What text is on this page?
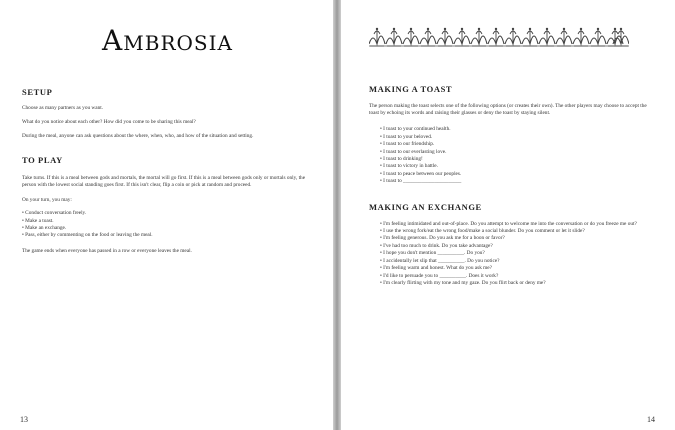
Ambrosia
SETUP

Choose as many partners as you want.

What do you notice about each other? How did you come to be sharing this meal?

During the meal, anyone can ask questions about the where, when, who, and how of the situation and setting.

TO PLAY

Take turns. If this is a meal between gods and mortals, the mortal will go first. If this is a meal between gods only or mortals only, the person with the lowest social standing goes first. If this isn't clear, flip a coin or pick at random and proceed.

On your turn, you may:

• Conduct conversation freely.
• Make a toast.
• Make an exchange.
• Pass, either by commenting on the food or leaving the meal.

The game ends when everyone has passed in a row or everyone leaves the meal.

13
MAKING A TOAST

The person making the toast selects one of the following options (or creates their own). The other players may choose to accept the toast by echoing its words and raising their glasses or deny the toast by staying silent.

• I toast to your continued health.
• I toast to your beloved.
• I toast to our friendship.
• I toast to our everlasting love.
• I toast to drinking!
• I toast to victory in battle.
• I toast to peace between our peoples.
• I toast to ______________________
MAKING AN EXCHANGE
• I'm feeling intimidated and out-of-place. Do you attempt to welcome me into the conversation or do you freeze me out?
• I use the wrong fork/eat the wrong food/make a social blunder. Do you comment or let it slide?
• I'm feeling generous. Do you ask me for a boon or favor?
• I've had too much to drink. Do you take advantage?
• I hope you don't mention __________. Do you?
• I accidentally let slip that __________. Do you notice?
• I'm feeling warm and honest. What do you ask me?
• I'd like to persuade you to __________. Does it work?
• I'm clearly flirting with my tone and my gaze. Do you flirt back or deny me?
14
